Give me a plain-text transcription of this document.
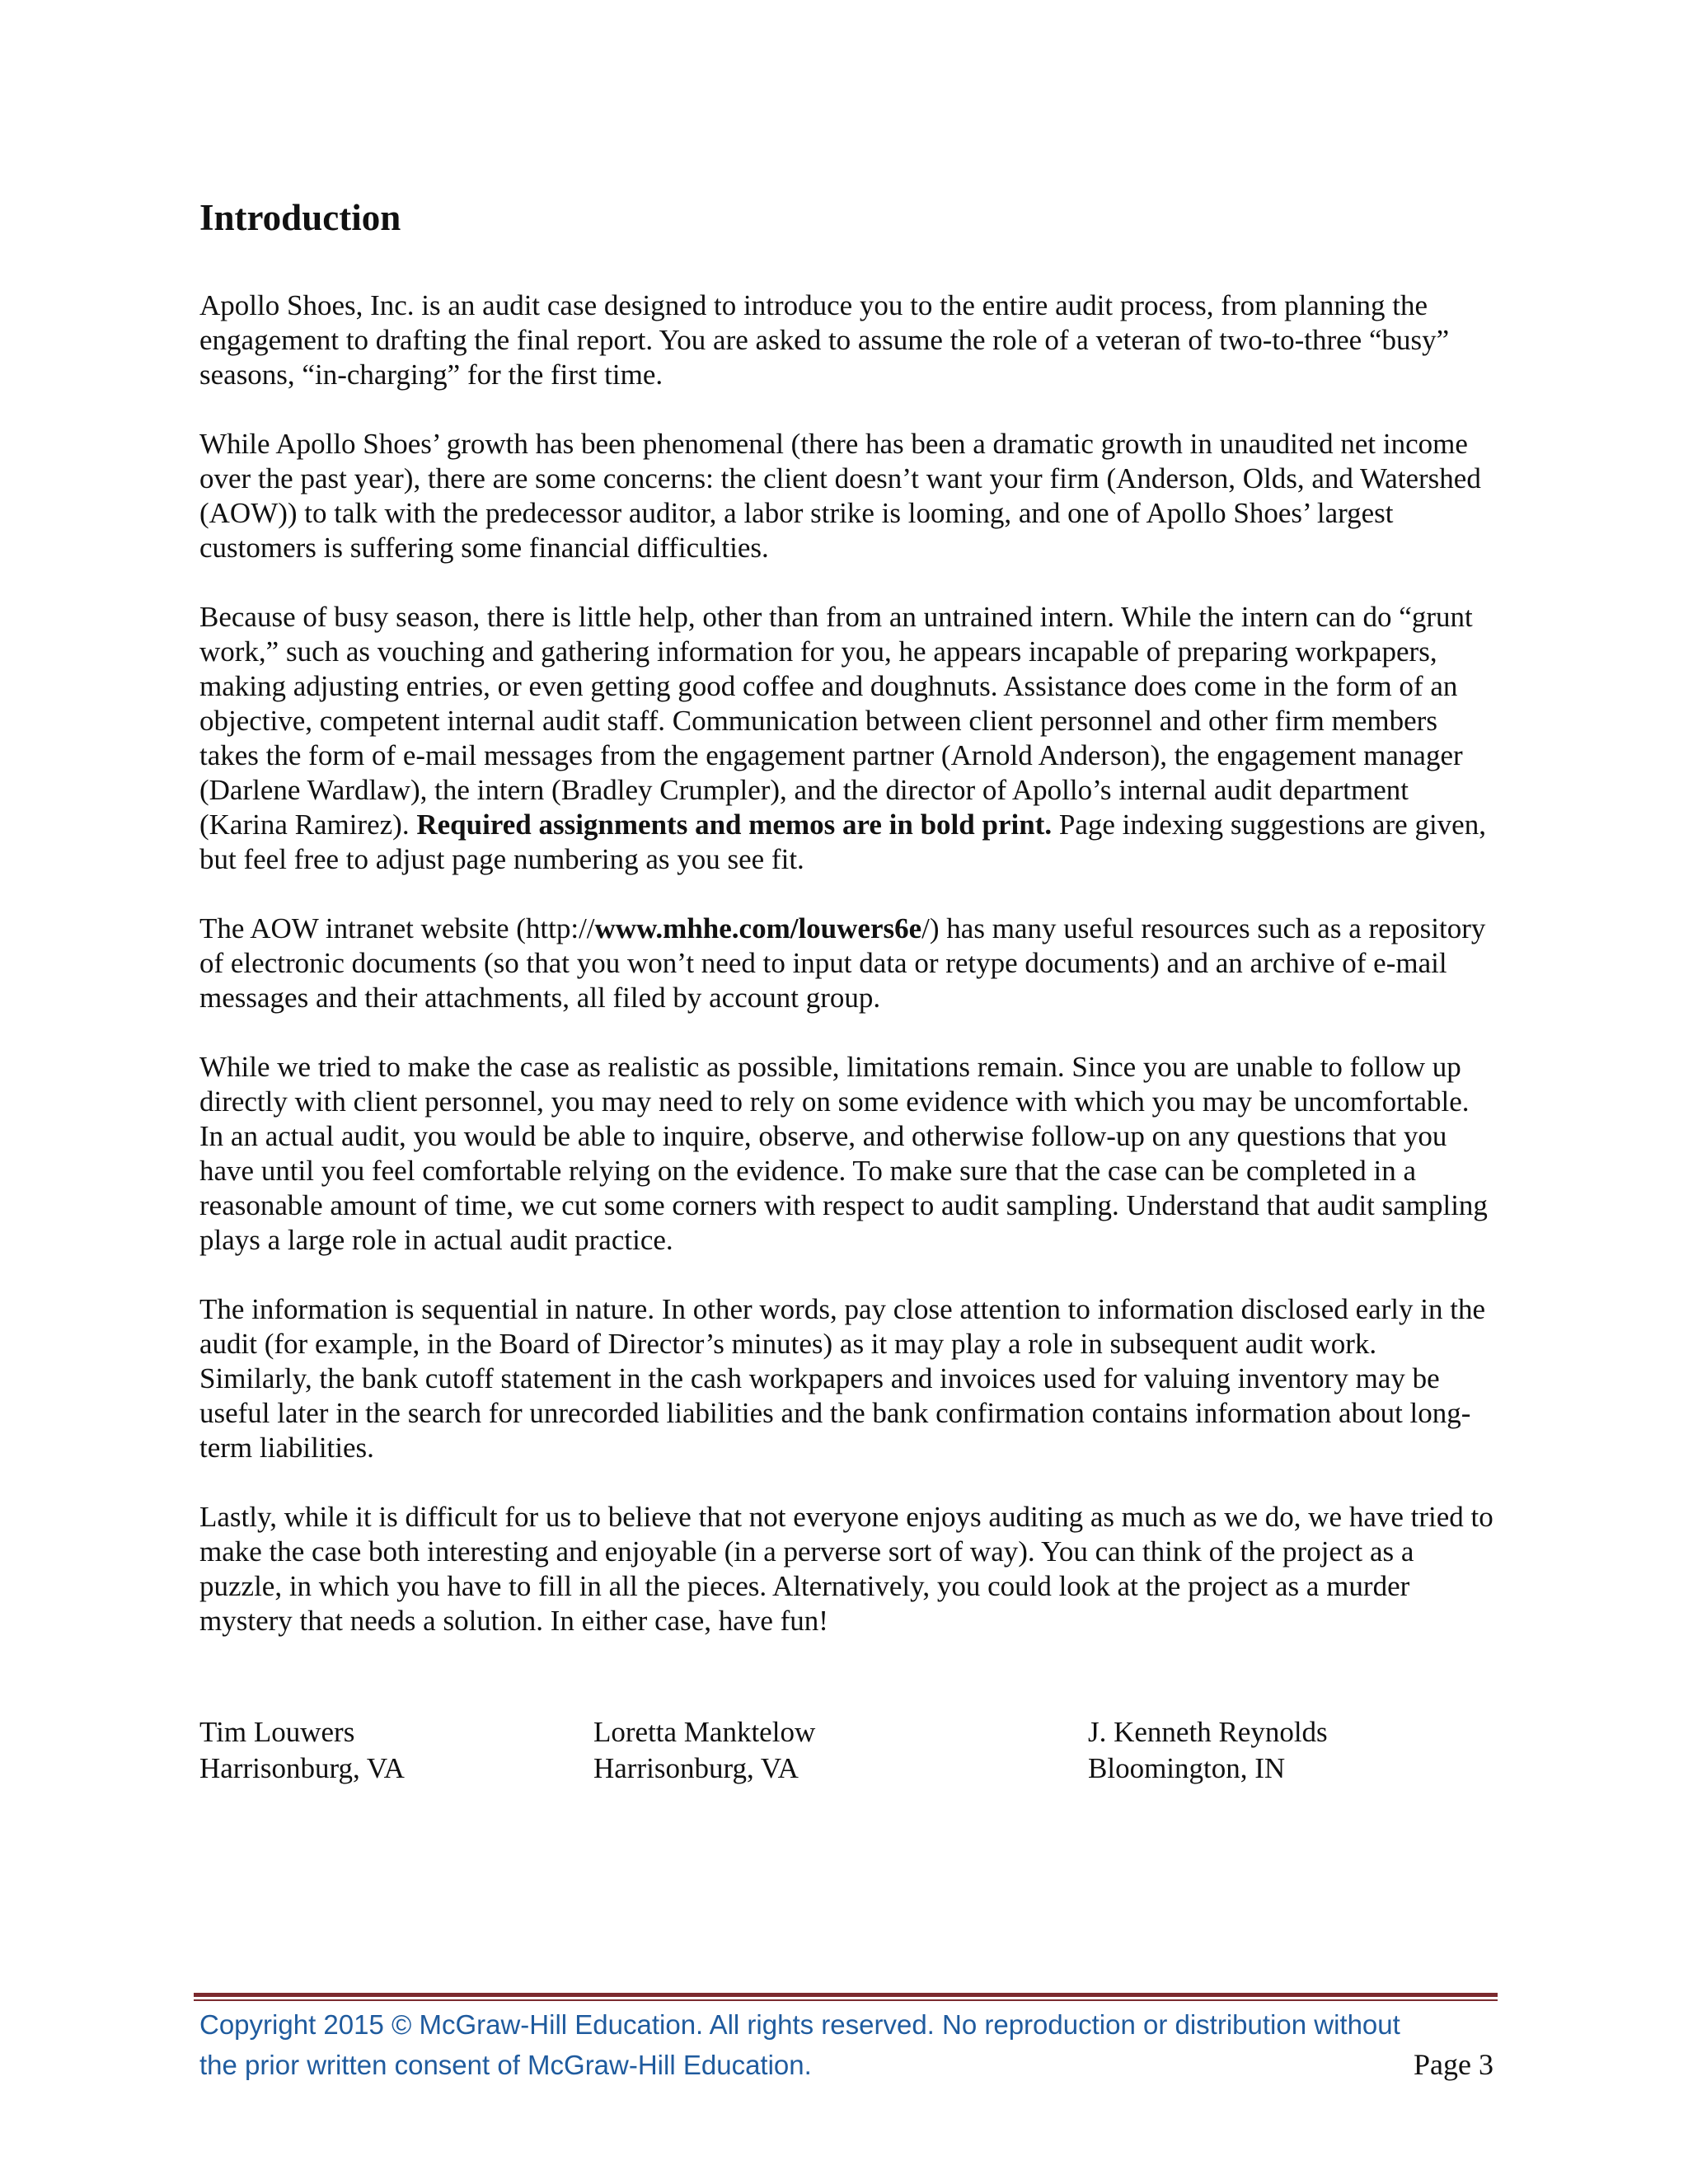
Introduction

Apollo Shoes, Inc. is an audit case designed to introduce you to the entire audit process, from planning the engagement to drafting the final report. You are asked to assume the role of a veteran of two-to-three “busy” seasons, “in-charging” for the first time.

While Apollo Shoes’ growth has been phenomenal (there has been a dramatic growth in unaudited net income over the past year), there are some concerns: the client doesn’t want your firm (Anderson, Olds, and Watershed (AOW)) to talk with the predecessor auditor, a labor strike is looming, and one of Apollo Shoes’ largest customers is suffering some financial difficulties.

Because of busy season, there is little help, other than from an untrained intern. While the intern can do “grunt work,” such as vouching and gathering information for you, he appears incapable of preparing workpapers, making adjusting entries, or even getting good coffee and doughnuts. Assistance does come in the form of an objective, competent internal audit staff. Communication between client personnel and other firm members takes the form of e-mail messages from the engagement partner (Arnold Anderson), the engagement manager (Darlene Wardlaw), the intern (Bradley Crumpler), and the director of Apollo’s internal audit department (Karina Ramirez). Required assignments and memos are in bold print. Page indexing suggestions are given, but feel free to adjust page numbering as you see fit.

The AOW intranet website (http://www.mhhe.com/louwers6e/) has many useful resources such as a repository of electronic documents (so that you won’t need to input data or retype documents) and an archive of e-mail messages and their attachments, all filed by account group.

While we tried to make the case as realistic as possible, limitations remain. Since you are unable to follow up directly with client personnel, you may need to rely on some evidence with which you may be uncomfortable. In an actual audit, you would be able to inquire, observe, and otherwise follow-up on any questions that you have until you feel comfortable relying on the evidence. To make sure that the case can be completed in a reasonable amount of time, we cut some corners with respect to audit sampling. Understand that audit sampling plays a large role in actual audit practice.

The information is sequential in nature. In other words, pay close attention to information disclosed early in the audit (for example, in the Board of Director’s minutes) as it may play a role in subsequent audit work. Similarly, the bank cutoff statement in the cash workpapers and invoices used for valuing inventory may be useful later in the search for unrecorded liabilities and the bank confirmation contains information about long-term liabilities.

Lastly, while it is difficult for us to believe that not everyone enjoys auditing as much as we do, we have tried to make the case both interesting and enjoyable (in a perverse sort of way). You can think of the project as a puzzle, in which you have to fill in all the pieces. Alternatively, you could look at the project as a murder mystery that needs a solution. In either case, have fun!

Tim Louwers
Harrisonburg, VA
Loretta Manktelow
Harrisonburg, VA
J. Kenneth Reynolds
Bloomington, IN
Copyright 2015 © McGraw-Hill Education. All rights reserved. No reproduction or distribution without
the prior written consent of McGraw-Hill Education.	Page 3
